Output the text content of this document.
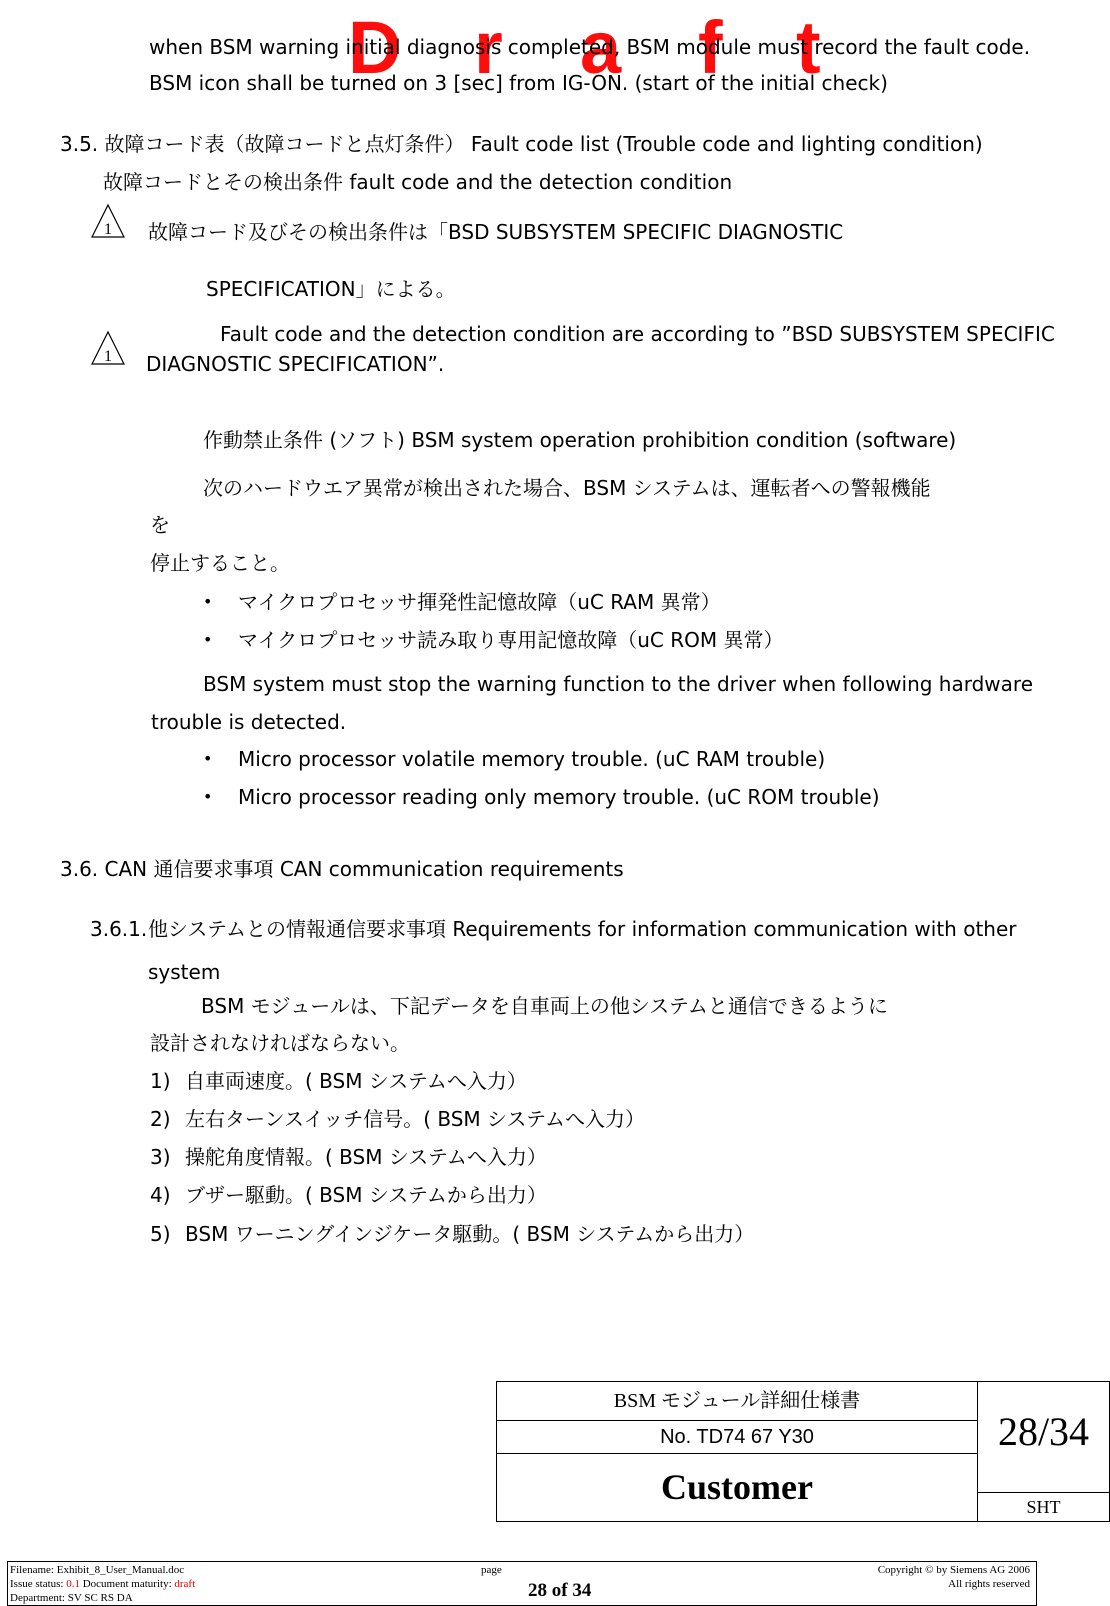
D r a f t
when BSM warning initial diagnosis completed, BSM module must record the fault code.
BSM icon shall be turned on 3 [sec] from IG-ON. (start of the initial check)
3.5. 故障コード表（故障コードと点灯条件） Fault code list (Trouble code and lighting condition)
故障コードとその検出条件 fault code and the detection condition
1 故障コード及びその検出条件は「BSD SUBSYSTEM SPECIFIC DIAGNOSTIC
SPECIFICATION」による。
1
Fault code and the detection condition are according to ”BSD SUBSYSTEM SPECIFIC
DIAGNOSTIC SPECIFICATION”.
作動禁止条件 (ソフト) BSM system operation prohibition condition (software)
次のハードウエア異常が検出された場合、BSM システムは、運転者への警報機能
を
停止すること。
• マイクロプロセッサ揮発性記憶故障（uC RAM 異常）
• マイクロプロセッサ読み取り専用記憶故障（uC ROM 異常）
BSM system must stop the warning function to the driver when following hardware
trouble is detected.
• Micro processor volatile memory trouble. (uC RAM trouble)
• Micro processor reading only memory trouble. (uC ROM trouble)
3.6. CAN 通信要求事項 CAN communication requirements
3.6.1. 他システムとの情報通信要求事項 Requirements for information communication with other
system
BSM モジュールは、下記データを自車両上の他システムと通信できるように
設計されなければならない。
1) 自車両速度。( BSM システムへ入力）
2) 左右ターンスイッチ信号。( BSM システムへ入力）
3) 操舵角度情報。( BSM システムへ入力）
4) ブザー駆動。( BSM システムから出力）
5) BSM ワーニングインジケータ駆動。( BSM システムから出力）
BSM モジュール詳細仕様書
No. TD74 67 Y30
Customer
28/34
SHT
Filename: Exhibit_8_User_Manual.doc
Issue status: 0.1 Document maturity: draft
Department: SV SC RS DA
page
28 of 34
Copyright © by Siemens AG 2006
All rights reserved
